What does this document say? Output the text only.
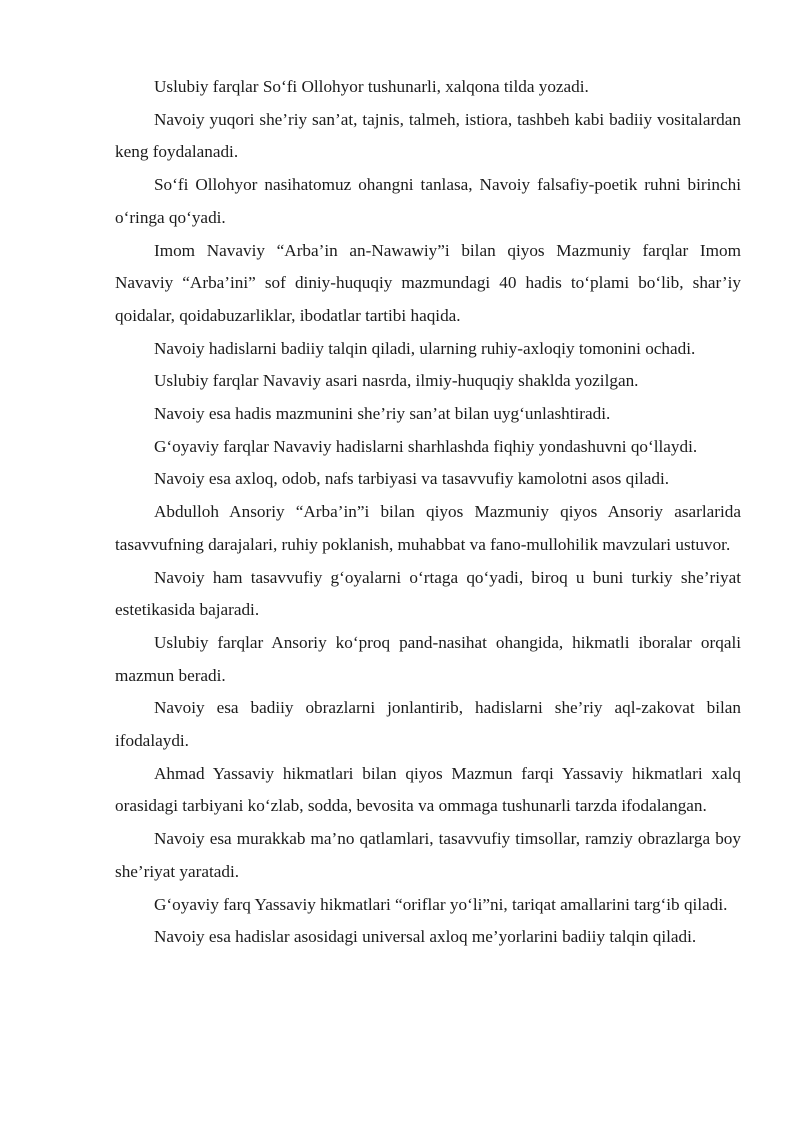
Uslubiy farqlar So‘fi Ollohyor tushunarli, xalqona tilda yozadi.

Navoiy yuqori she’riy san’at, tajnis, talmeh, istiora, tashbeh kabi badiiy vositalardan keng foydalanadi.

So‘fi Ollohyor nasihatomuz ohangni tanlasa, Navoiy falsafiy-poetik ruhni birinchi o‘ringa qo‘yadi.

Imom Navaviy “Arba’in an-Nawawiy”i bilan qiyos Mazmuniy farqlar Imom Navaviy “Arba’ini” sof diniy-huquqiy mazmundagi 40 hadis to‘plami bo‘lib, shar’iy qoidalar, qoidabuzarliklar, ibodatlar tartibi haqida.

Navoiy hadislarni badiiy talqin qiladi, ularning ruhiy-axloqiy tomonini ochadi.

Uslubiy farqlar Navaviy asari nasrda, ilmiy-huquqiy shaklda yozilgan.

Navoiy esa hadis mazmunini she’riy san’at bilan uyg‘unlashtiradi.

G‘oyaviy farqlar Navaviy hadislarni sharhlashda fiqhiy yondashuvni qo‘llaydi.

Navoiy esa axloq, odob, nafs tarbiyasi va tasavvufiy kamolotni asos qiladi.

Abdulloh Ansoriy “Arba’in”i bilan qiyos Mazmuniy qiyos Ansoriy asarlarida tasavvufning darajalari, ruhiy poklanish, muhabbat va fano-mullohilik mavzulari ustuvor.

Navoiy ham tasavvufiy g‘oyalarni o‘rtaga qo‘yadi, biroq u buni turkiy she’riyat estetikasida bajaradi.

Uslubiy farqlar Ansoriy ko‘proq pand-nasihat ohangida, hikmatli iboralar orqali mazmun beradi.

Navoiy esa badiiy obrazlarni jonlantirib, hadislarni she’riy aql-zakovat bilan ifodalaydi.

Ahmad Yassaviy hikmatlari bilan qiyos Mazmun farqi Yassaviy hikmatlari xalq orasidagi tarbiyani ko‘zlab, sodda, bevosita va ommaga tushunarli tarzda ifodalangan.

Navoiy esa murakkab ma’no qatlamlari, tasavvufiy timsollar, ramziy obrazlarga boy she’riyat yaratadi.

G‘oyaviy farq Yassaviy hikmatlari “oriflar yo‘li”ni, tariqat amallarini targ‘ib qiladi.

Navoiy esa hadislar asosidagi universal axloq me’yorlarini badiiy talqin qiladi.
